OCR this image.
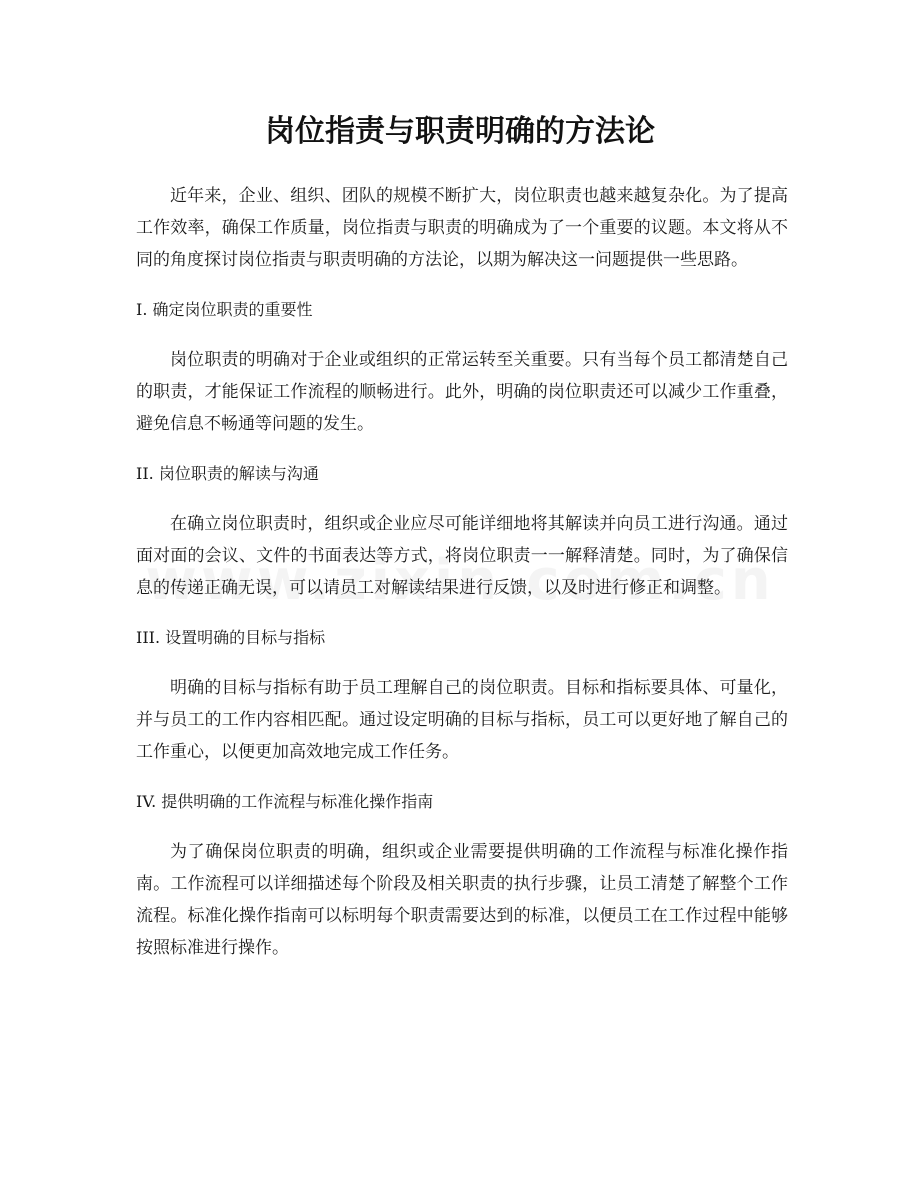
岗位指责与职责明确的方法论

近年来，企业、组织、团队的规模不断扩大，岗位职责也越来越复杂化。为了提高工作效率，确保工作质量，岗位指责与职责的明确成为了一个重要的议题。本文将从不同的角度探讨岗位指责与职责明确的方法论，以期为解决这一问题提供一些思路。

I. 确定岗位职责的重要性

岗位职责的明确对于企业或组织的正常运转至关重要。只有当每个员工都清楚自己的职责，才能保证工作流程的顺畅进行。此外，明确的岗位职责还可以减少工作重叠，避免信息不畅通等问题的发生。

II. 岗位职责的解读与沟通

在确立岗位职责时，组织或企业应尽可能详细地将其解读并向员工进行沟通。通过面对面的会议、文件的书面表达等方式，将岗位职责一一解释清楚。同时，为了确保信息的传递正确无误，可以请员工对解读结果进行反馈，以及时进行修正和调整。

III. 设置明确的目标与指标

明确的目标与指标有助于员工理解自己的岗位职责。目标和指标要具体、可量化，并与员工的工作内容相匹配。通过设定明确的目标与指标，员工可以更好地了解自己的工作重心，以便更加高效地完成工作任务。

IV. 提供明确的工作流程与标准化操作指南

为了确保岗位职责的明确，组织或企业需要提供明确的工作流程与标准化操作指南。工作流程可以详细描述每个阶段及相关职责的执行步骤，让员工清楚了解整个工作流程。标准化操作指南可以标明每个职责需要达到的标准，以便员工在工作过程中能够按照标准进行操作。
